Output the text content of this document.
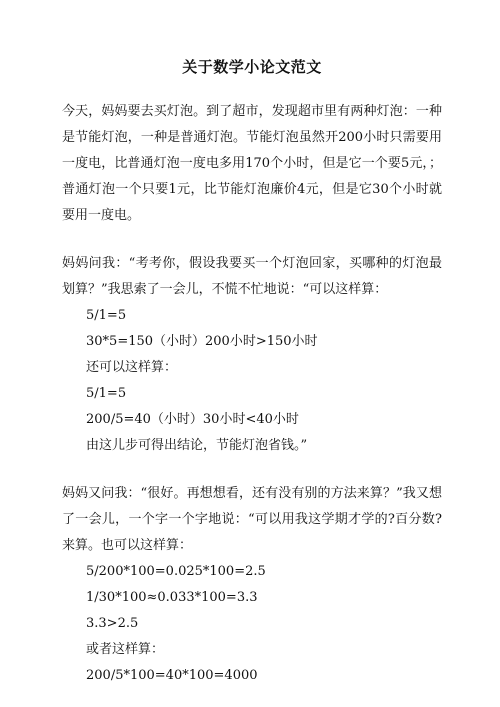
关于数学小论文范文

今天，妈妈要去买灯泡。到了超市，发现超市里有两种灯泡：一种是节能灯泡，一种是普通灯泡。节能灯泡虽然开200小时只需要用一度电，比普通灯泡一度电多用170个小时，但是它一个要5元，；普通灯泡一个只要1元，比节能灯泡廉价4元，但是它30个小时就要用一度电。

妈妈问我：“考考你，假设我要买一个灯泡回家，买哪种的灯泡最划算？”我思索了一会儿，不慌不忙地说：“可以这样算：

5/1=5

30*5=150（小时）200小时>150小时

还可以这样算：

5/1=5

200/5=40（小时）30小时<40小时

由这儿步可得出结论，节能灯泡省钱。”

妈妈又问我：“很好。再想想看，还有没有别的方法来算？”我又想了一会儿，一个字一个字地说：“可以用我这学期才学的?百分数?来算。也可以这样算：

5/200*100=0.025*100=2.5

1/30*100≈0.033*100=3.3

3.3>2.5

或者这样算：

200/5*100=40*100=4000
